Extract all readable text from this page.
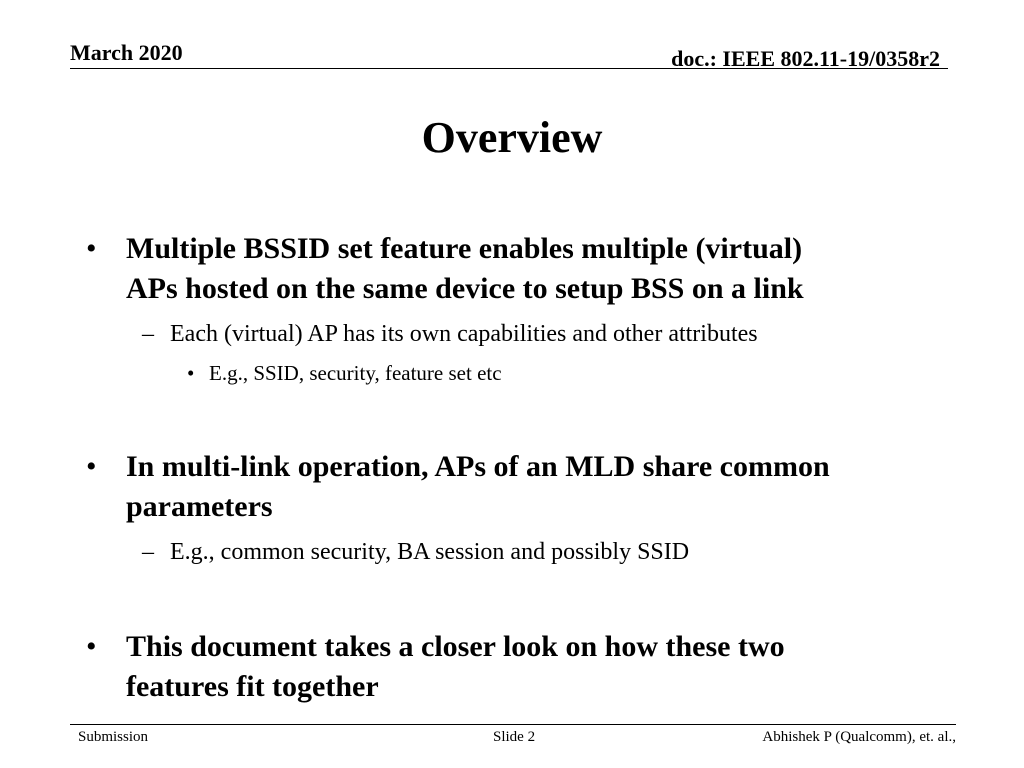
March 2020	doc.: IEEE 802.11-19/0358r2
Overview
• Multiple BSSID set feature enables multiple (virtual)
APs hosted on the same device to setup BSS on a link
– Each (virtual) AP has its own capabilities and other attributes
• E.g., SSID, security, feature set etc
• In multi-link operation, APs of an MLD share common
parameters
– E.g., common security, BA session and possibly SSID
• This document takes a closer look on how these two
features fit together
Submission	Slide 2	Abhishek P (Qualcomm), et. al.,
